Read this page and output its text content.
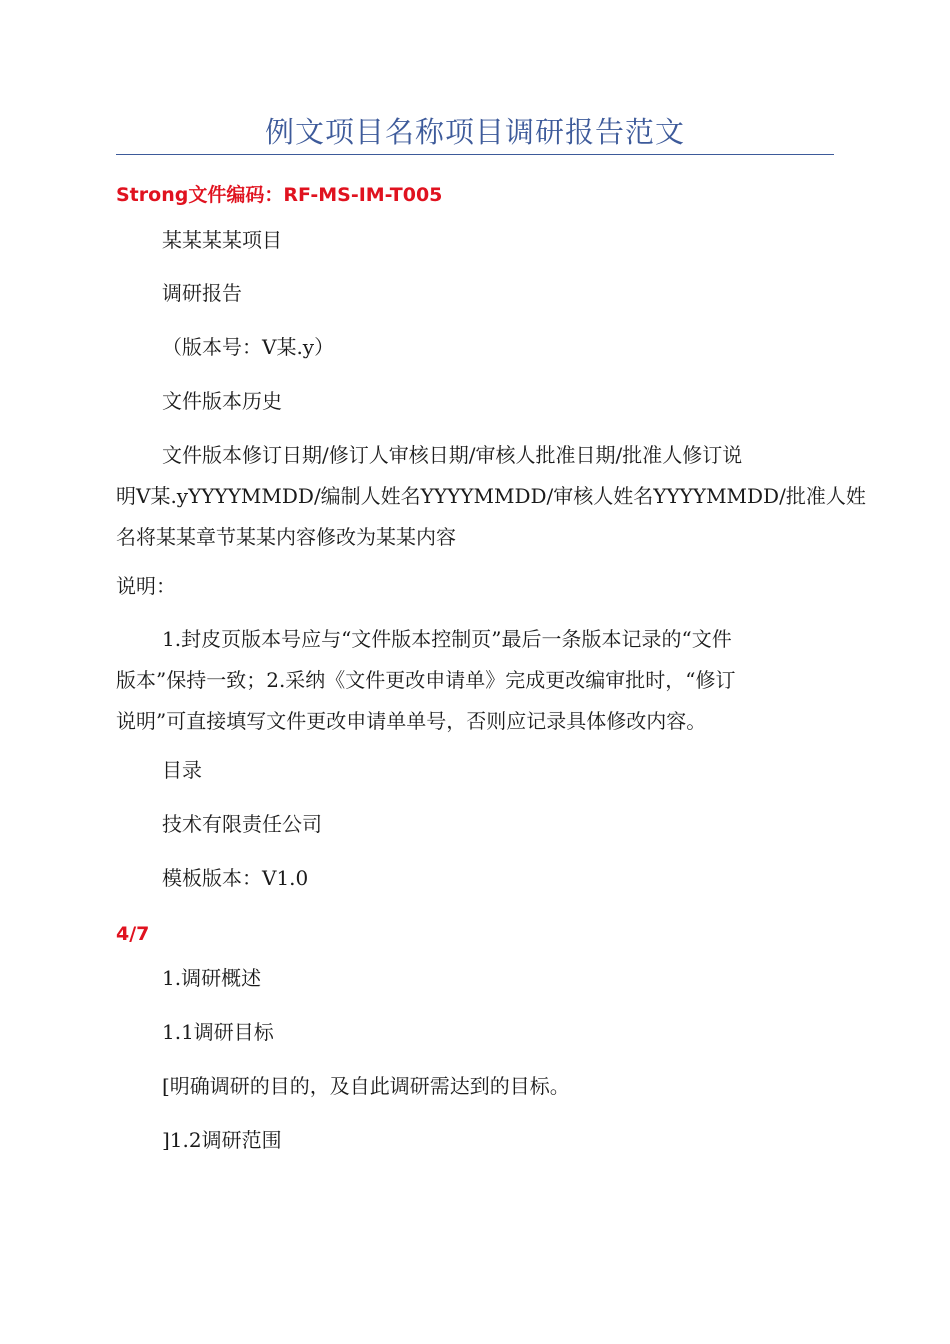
例文项目名称项目调研报告范文
Strong文件编码：RF-MS-IM-T005
某某某某项目
调研报告
（版本号：V某.y）
文件版本历史
文件版本修订日期/修订人审核日期/审核人批准日期/批准人修订说
明V某.yYYYYMMDD/编制人姓名YYYYMMDD/审核人姓名YYYYMMDD/批准人姓
名将某某章节某某内容修改为某某内容
说明：
1.封皮页版本号应与“文件版本控制页”最后一条版本记录的“文件
版本”保持一致；2.采纳《文件更改申请单》完成更改编审批时，“修订
说明”可直接填写文件更改申请单单号，否则应记录具体修改内容。
目录
技术有限责任公司
模板版本：V1.0
4/7
1.调研概述
1.1调研目标
[明确调研的目的，及自此调研需达到的目标。
]1.2调研范围
